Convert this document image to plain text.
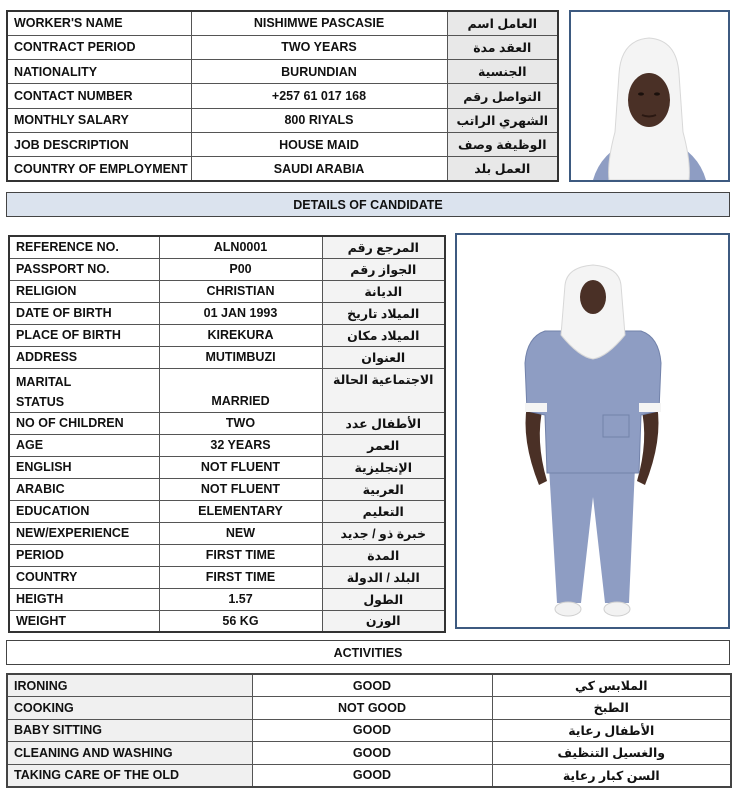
WORKER'S NAME	NISHIMWE PASCASIE	العامل اسم
CONTRACT PERIOD	TWO YEARS	العقد مدة
NATIONALITY	BURUNDIAN	الجنسية
CONTACT NUMBER	+257 61 017 168	التواصل رقم
MONTHLY SALARY	800 RIYALS	الشهري الراتب
JOB DESCRIPTION	HOUSE MAID	الوظيفة وصف
COUNTRY OF EMPLOYMENT	SAUDI ARABIA	العمل بلد
DETAILS OF CANDIDATE
REFERENCE NO.	ALN0001	المرجع رقم
PASSPORT NO.	P00	الجواز رقم
RELIGION	CHRISTIAN	الديانة
DATE OF BIRTH	01 JAN 1993	الميلاد تاريخ
PLACE OF BIRTH	KIREKURA	الميلاد مكان
ADDRESS	MUTIMBUZI	العنوان

MARITAL
STATUS	MARRIED	الاجتماعية الحالة
NO OF CHILDREN	TWO	الأطفال عدد
AGE	32 YEARS	العمر
ENGLISH	NOT FLUENT	الإنجليزية
ARABIC	NOT FLUENT	العربية
EDUCATION	ELEMENTARY	التعليم
NEW/EXPERIENCE	NEW	خبرة ذو / جديد
PERIOD	FIRST TIME	المدة
COUNTRY	FIRST TIME	البلد / الدولة
HEIGTH	1.57	الطول
WEIGHT	56 KG	الوزن
ACTIVITIES
IRONING	GOOD	الملابس كي
COOKING	NOT GOOD	الطبخ
BABY SITTING	GOOD	الأطفال رعاية
CLEANING AND WASHING	GOOD	والغسيل التنظيف
TAKING CARE OF THE OLD	GOOD	السن كبار رعاية
